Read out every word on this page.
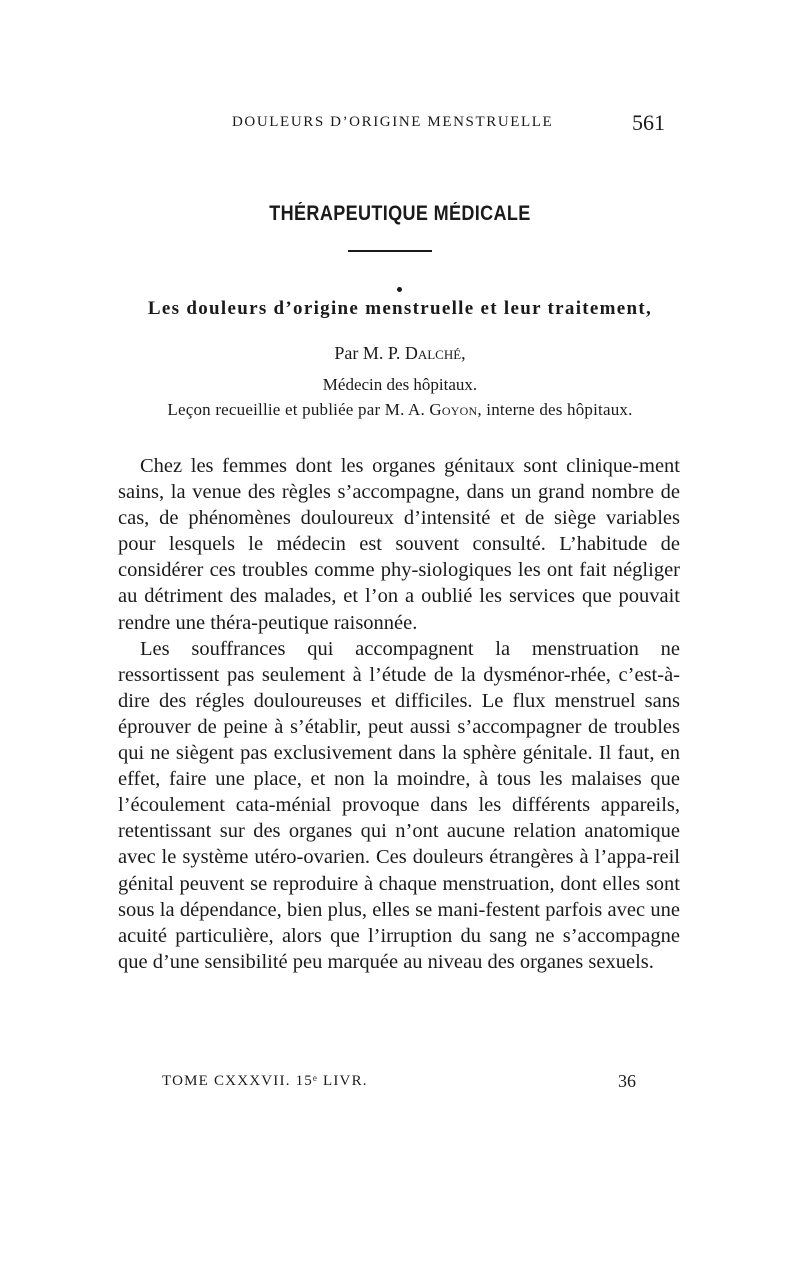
DOULEURS D’ORIGINE MENSTRUELLE	561
THÉRAPEUTIQUE MÉDICALE
Les douleurs d’origine menstruelle et leur traitement,
Par M. P. Dalché,
Médecin des hôpitaux.
Leçon recueillie et publiée par M. A. Goyon, interne des hôpitaux.

Chez les femmes dont les organes génitaux sont clinique-ment sains, la venue des règles s’accompagne, dans un grand nombre de cas, de phénomènes douloureux d’intensité et de siège variables pour lesquels le médecin est souvent consulté. L’habitude de considérer ces troubles comme phy-siologiques les ont fait négliger au détriment des malades, et l’on a oublié les services que pouvait rendre une théra-peutique raisonnée.

Les souffrances qui accompagnent la menstruation ne ressortissent pas seulement à l’étude de la dysménor-rhée, c’est-à-dire des régles douloureuses et difficiles. Le flux menstruel sans éprouver de peine à s’établir, peut aussi s’accompagner de troubles qui ne siègent pas exclusivement dans la sphère génitale. Il faut, en effet, faire une place, et non la moindre, à tous les malaises que l’écoulement cata-ménial provoque dans les différents appareils, retentissant sur des organes qui n’ont aucune relation anatomique avec le système utéro-ovarien. Ces douleurs étrangères à l’appa-reil génital peuvent se reproduire à chaque menstruation, dont elles sont sous la dépendance, bien plus, elles se mani-festent parfois avec une acuité particulière, alors que l’irruption du sang ne s’accompagne que d’une sensibilité peu marquée au niveau des organes sexuels.

TOME CXXXVII. 15ᵉ LIVR.	36
